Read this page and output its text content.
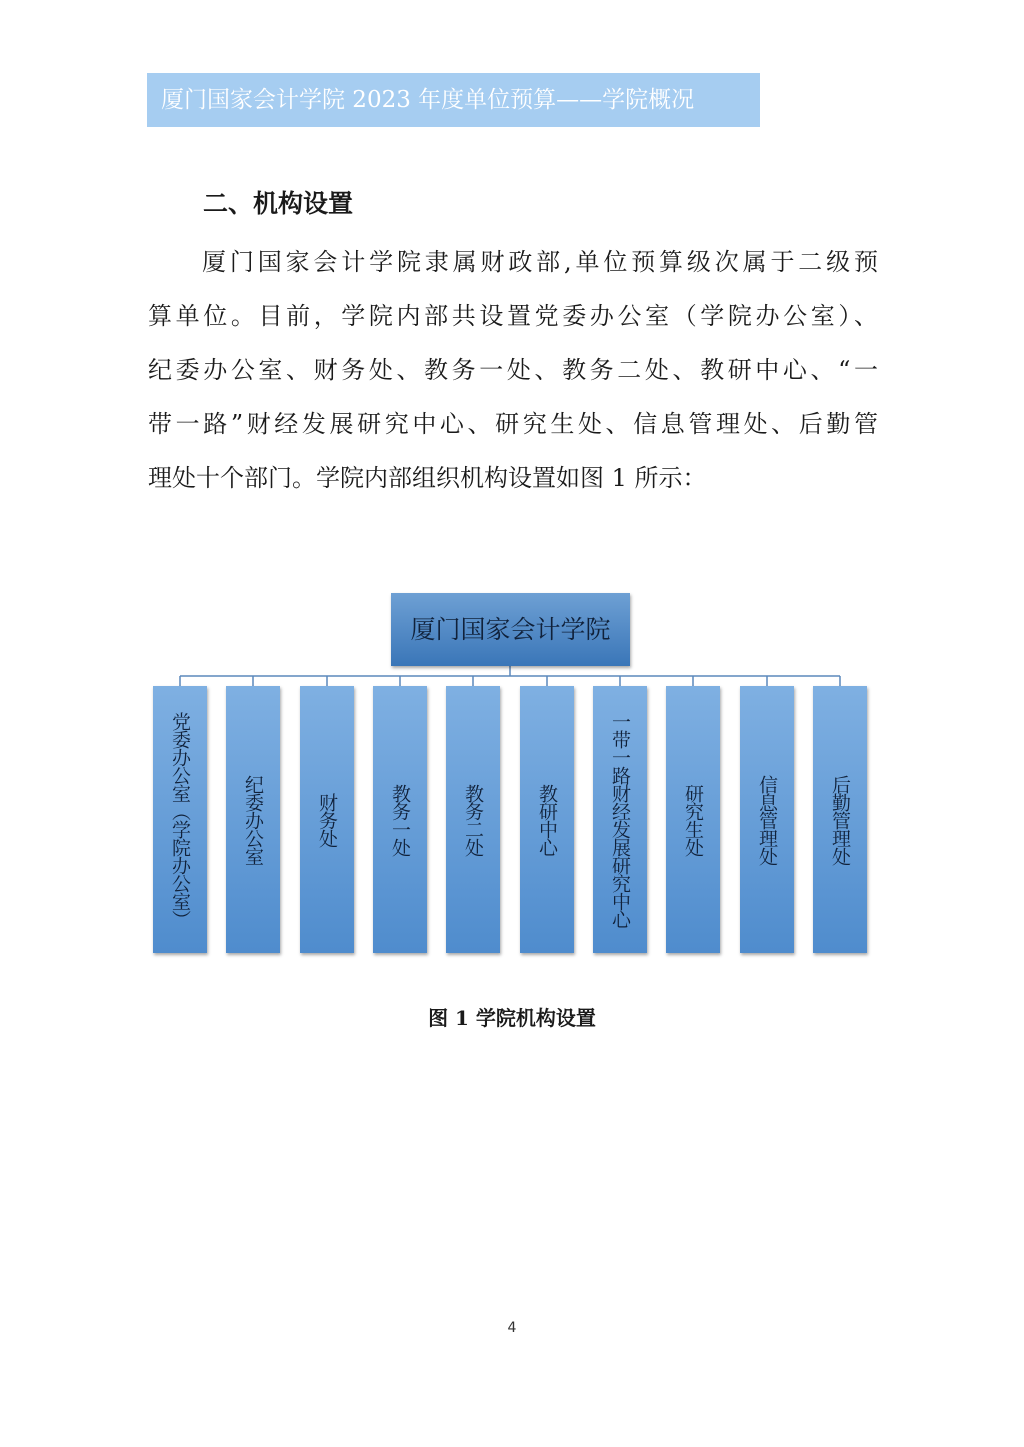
厦门国家会计学院 2023 年度单位预算——学院概况
二、机构设置
厦门国家会计学院隶属财政部,单位预算级次属于二级预
算单位。目前，学院内部共设置党委办公室（学院办公室）、
纪委办公室、财务处、教务一处、教务二处、教研中心、“一
带一路”财经发展研究中心、研究生处、信息管理处、后勤管
理处十个部门。学院内部组织机构设置如图 1 所示：
厦门国家会计学院
党委办公室（学院办公室）	纪委办公室	财务处	教务一处	教务二处	教研中心	一带一路财经发展研究中心	研究生处	信息管理处	后勤管理处
图 1 学院机构设置
4
